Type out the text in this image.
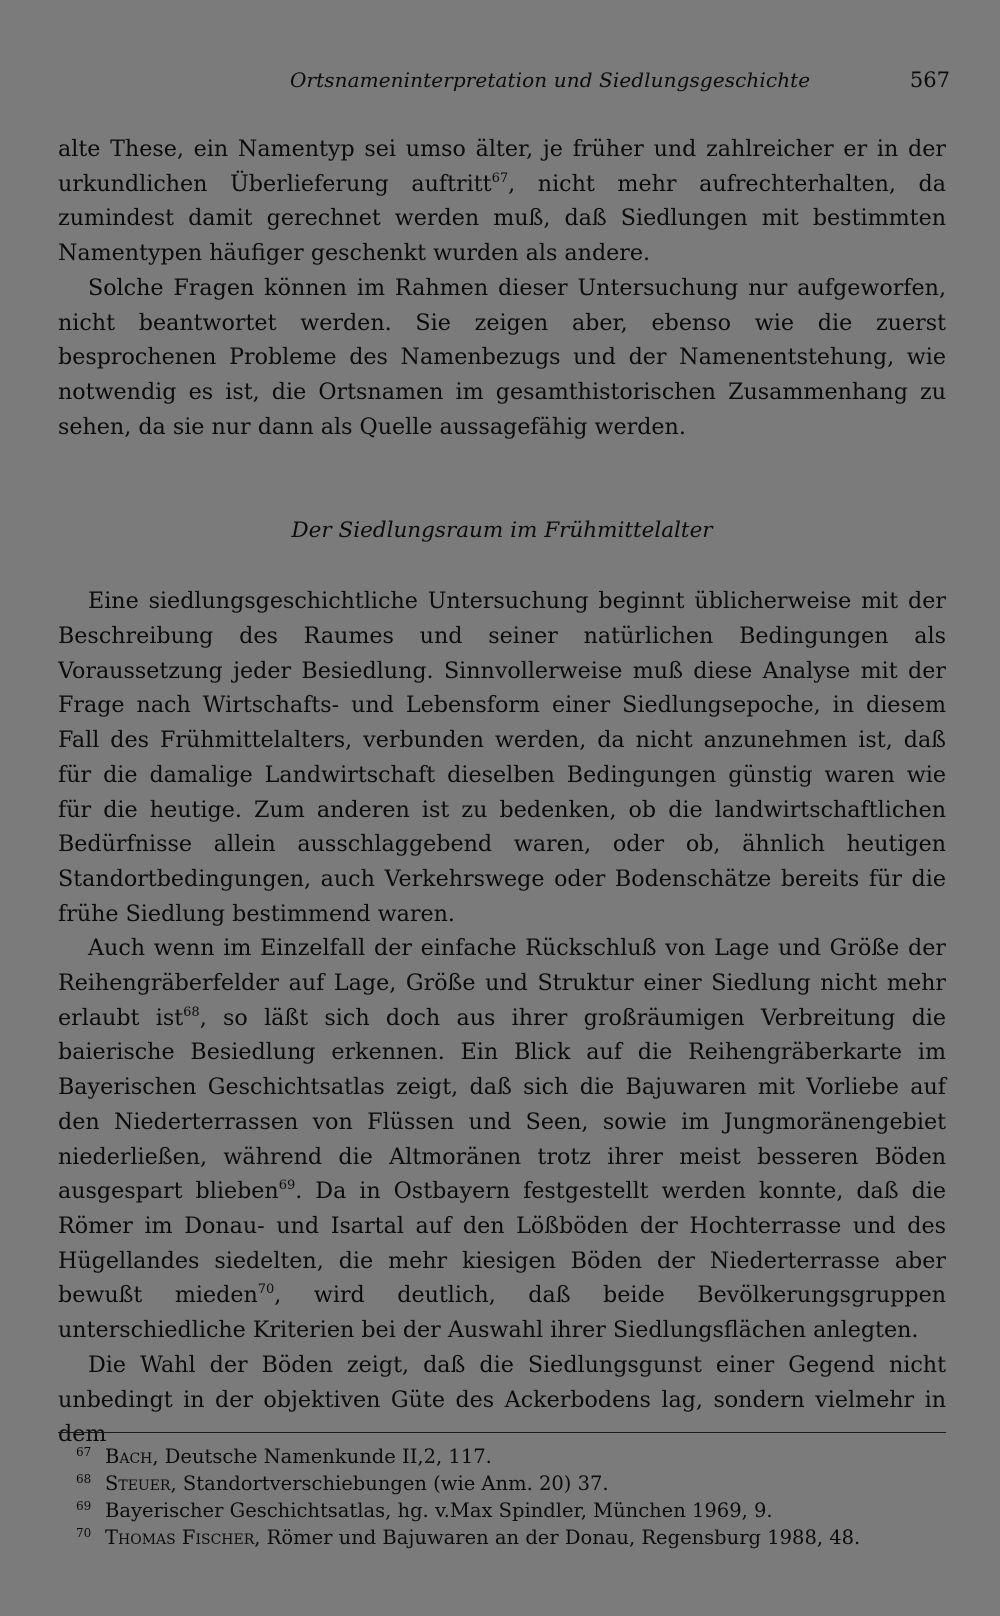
Ortsnameninterpretation und Siedlungsgeschichte	567

alte These, ein Namentyp sei umso älter, je früher und zahlreicher er in der urkundlichen Überlieferung auftritt$^{67}$, nicht mehr aufrechterhalten, da zumindest damit gerechnet werden muß, daß Siedlungen mit bestimmten Namentypen häufiger geschenkt wurden als andere.

Solche Fragen können im Rahmen dieser Untersuchung nur aufgeworfen, nicht beantwortet werden. Sie zeigen aber, ebenso wie die zuerst besprochenen Probleme des Namenbezugs und der Namenentstehung, wie notwendig es ist, die Ortsnamen im gesamthistorischen Zusammenhang zu sehen, da sie nur dann als Quelle aussagefähig werden.

Der Siedlungsraum im Frühmittelalter

Eine siedlungsgeschichtliche Untersuchung beginnt üblicherweise mit der Beschreibung des Raumes und seiner natürlichen Bedingungen als Voraussetzung jeder Besiedlung. Sinnvollerweise muß diese Analyse mit der Frage nach Wirtschafts- und Lebensform einer Siedlungsepoche, in diesem Fall des Frühmittelalters, verbunden werden, da nicht anzunehmen ist, daß für die damalige Landwirtschaft dieselben Bedingungen günstig waren wie für die heutige. Zum anderen ist zu bedenken, ob die landwirtschaftlichen Bedürfnisse allein ausschlaggebend waren, oder ob, ähnlich heutigen Standortbedingungen, auch Verkehrswege oder Bodenschätze bereits für die frühe Siedlung bestimmend waren.

Auch wenn im Einzelfall der einfache Rückschluß von Lage und Größe der Reihengräberfelder auf Lage, Größe und Struktur einer Siedlung nicht mehr erlaubt ist$^{68}$, so läßt sich doch aus ihrer großräumigen Verbreitung die baierische Besiedlung erkennen. Ein Blick auf die Reihengräberkarte im Bayerischen Geschichtsatlas zeigt, daß sich die Bajuwaren mit Vorliebe auf den Niederterrassen von Flüssen und Seen, sowie im Jungmoränengebiet niederließen, während die Altmoränen trotz ihrer meist besseren Böden ausgespart blieben$^{69}$. Da in Ostbayern festgestellt werden konnte, daß die Römer im Donau- und Isartal auf den Lößböden der Hochterrasse und des Hügellandes siedelten, die mehr kiesigen Böden der Niederterrasse aber bewußt mieden$^{70}$, wird deutlich, daß beide Bevölkerungsgruppen unterschiedliche Kriterien bei der Auswahl ihrer Siedlungsflächen anlegten.

Die Wahl der Böden zeigt, daß die Siedlungsgunst einer Gegend nicht unbedingt in der objektiven Güte des Ackerbodens lag, sondern vielmehr in dem

67 Bach, Deutsche Namenkunde II,2, 117.
68 Steuer, Standortverschiebungen (wie Anm. 20) 37.
69 Bayerischer Geschichtsatlas, hg. v.Max Spindler, München 1969, 9.
70 Thomas Fischer, Römer und Bajuwaren an der Donau, Regensburg 1988, 48.
